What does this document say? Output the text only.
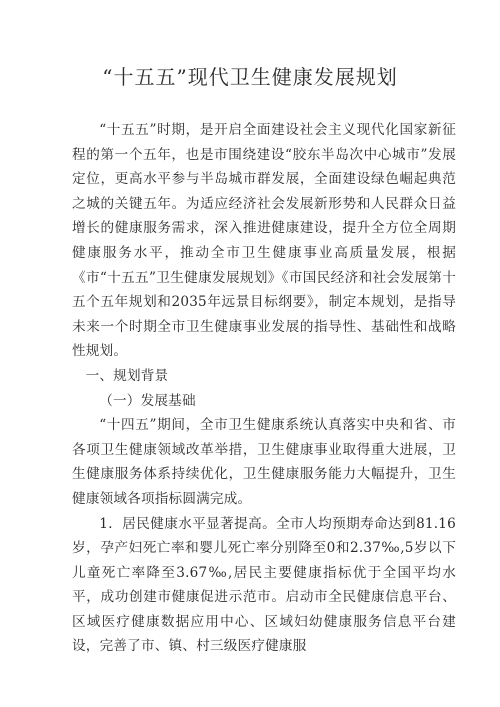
“十五五”现代卫生健康发展规划

“十五五”时期，是开启全面建设社会主义现代化国家新征程的第一个五年，也是市围绕建设“胶东半岛次中心城市”发展定位，更高水平参与半岛城市群发展，全面建设绿色崛起典范之城的关键五年。为适应经济社会发展新形势和人民群众日益增长的健康服务需求，深入推进健康建设，提升全方位全周期健康服务水平，推动全市卫生健康事业高质量发展，根据《市“十五五”卫生健康发展规划》《市国民经济和社会发展第十五个五年规划和2035年远景目标纲要》，制定本规划，是指导未来一个时期全市卫生健康事业发展的指导性、基础性和战略性规划。

一、规划背景

（一）发展基础

“十四五”期间，全市卫生健康系统认真落实中央和省、市各项卫生健康领域改革举措，卫生健康事业取得重大进展，卫生健康服务体系持续优化，卫生健康服务能力大幅提升，卫生健康领域各项指标圆满完成。

1．居民健康水平显著提高。全市人均预期寿命达到81.16岁，孕产妇死亡率和婴儿死亡率分别降至0和2.37‰,5岁以下儿童死亡率降至3.67‰,居民主要健康指标优于全国平均水平，成功创建市健康促进示范市。启动市全民健康信息平台、区域医疗健康数据应用中心、区域妇幼健康服务信息平台建设，完善了市、镇、村三级医疗健康服
